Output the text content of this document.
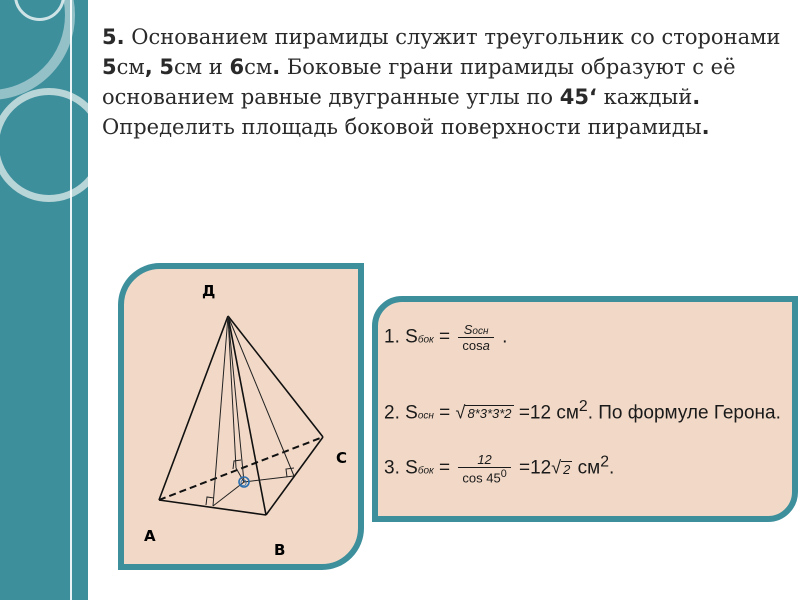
5. Основанием пирамиды служит треугольник со сторонами 5см, 5см и 6см. Боковые грани пирамиды образуют с её основанием равные двугранные углы по 45‘ каждый.
Определить площадь боковой поверхности пирамиды.
О
Д
А
В
С
1. Sбок = $\frac{\text{Sосн}}{\cos a}$ .
2. Sосн = √ 8*3*3*2 =12 $см^2$. По формуле Герона.
3. Sбок = $\frac{12}{\cos 45^0} =12√$ 2 $см^2$.
